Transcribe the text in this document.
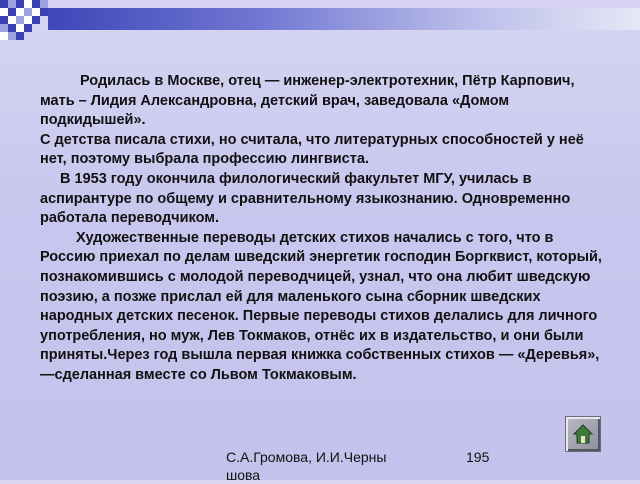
Родилась в Москве, отец — инженер-электротехник, Пётр Карпович, мать – Лидия Александровна, детский врач, заведовала «Домом подкидышей».

С детства писала стихи, но считала, что литературных способностей у неё нет, поэтому выбрала профессию лингвиста.

В 1953 году окончила филологический факультет МГУ, училась в аспирантуре по общему и сравнительному языкознанию. Одновременно работала переводчиком.

Художественные переводы детских стихов начались с того, что в Россию приехал по делам шведский энергетик господин Боргквист, который, познакомившись с молодой переводчицей, узнал, что она любит шведскую поэзию, а позже прислал ей для маленького сына сборник шведских народных детских песенок. Первые переводы стихов делались для личного употребления, но муж, Лев Токмаков, отнёс их в издательство, и они были приняты.Через год вышла первая книжка собственных стихов — «Деревья», —сделанная вместе со Львом Токмаковым.

С.А.Громова, И.И.Черны шова
195
